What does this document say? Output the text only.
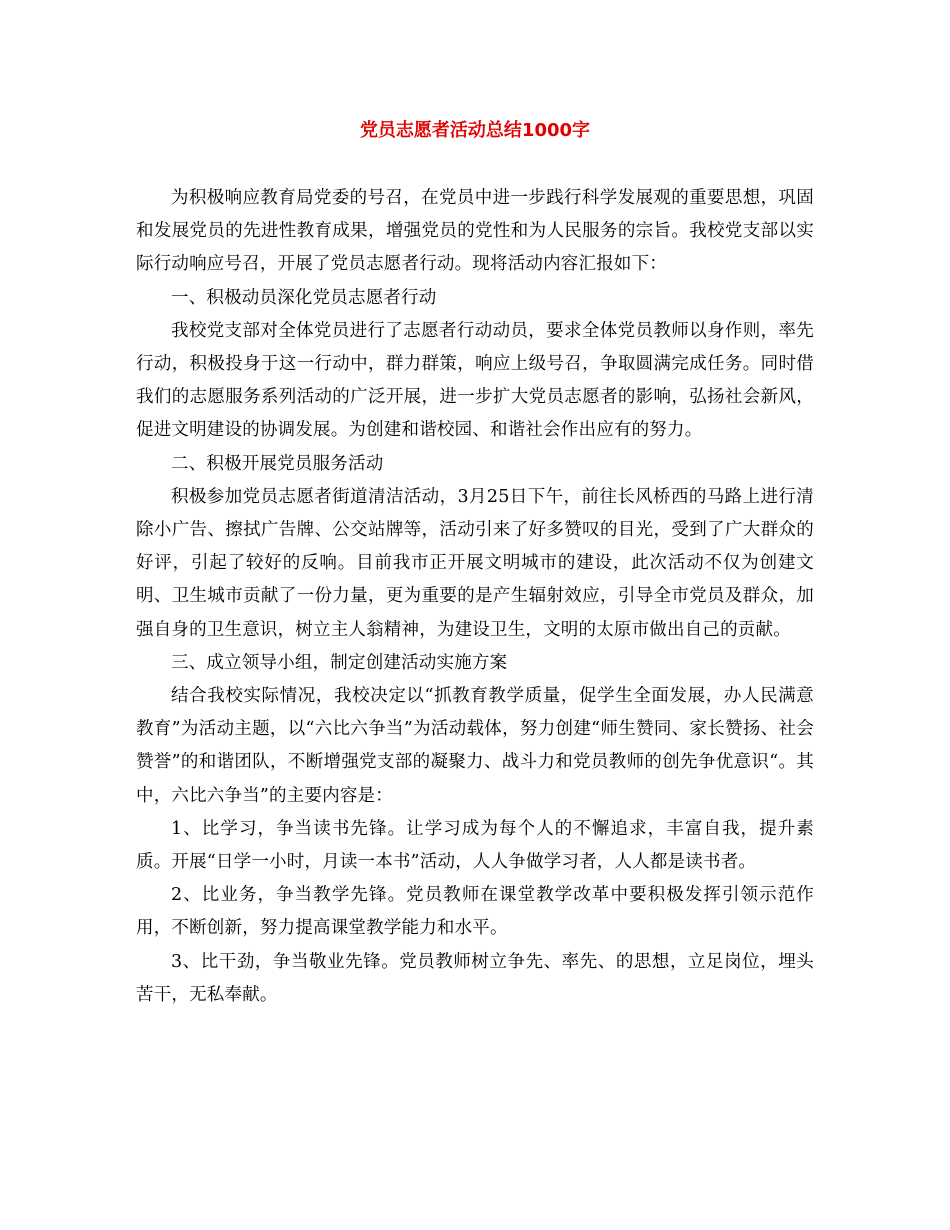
党员志愿者活动总结1000字

为积极响应教育局党委的号召，在党员中进一步践行科学发展观的重要思想，巩固和发展党员的先进性教育成果，增强党员的党性和为人民服务的宗旨。我校党支部以实际行动响应号召，开展了党员志愿者行动。现将活动内容汇报如下：

一、积极动员深化党员志愿者行动

我校党支部对全体党员进行了志愿者行动动员，要求全体党员教师以身作则，率先行动，积极投身于这一行动中，群力群策，响应上级号召，争取圆满完成任务。同时借我们的志愿服务系列活动的广泛开展，进一步扩大党员志愿者的影响，弘扬社会新风，促进文明建设的协调发展。为创建和谐校园、和谐社会作出应有的努力。

二、积极开展党员服务活动

积极参加党员志愿者街道清洁活动，3月25日下午，前往长风桥西的马路上进行清除小广告、擦拭广告牌、公交站牌等，活动引来了好多赞叹的目光，受到了广大群众的好评，引起了较好的反响。目前我市正开展文明城市的建设，此次活动不仅为创建文明、卫生城市贡献了一份力量，更为重要的是产生辐射效应，引导全市党员及群众，加强自身的卫生意识，树立主人翁精神，为建设卫生，文明的太原市做出自己的贡献。

三、成立领导小组，制定创建活动实施方案

结合我校实际情况，我校决定以“抓教育教学质量，促学生全面发展，办人民满意教育”为活动主题，以“六比六争当”为活动载体，努力创建“师生赞同、家长赞扬、社会赞誉”的和谐团队，不断增强党支部的凝聚力、战斗力和党员教师的创先争优意识“。其中，六比六争当”的主要内容是：

1、比学习，争当读书先锋。让学习成为每个人的不懈追求，丰富自我，提升素质。开展“日学一小时，月读一本书”活动，人人争做学习者，人人都是读书者。

2、比业务，争当教学先锋。党员教师在课堂教学改革中要积极发挥引领示范作用，不断创新，努力提高课堂教学能力和水平。

3、比干劲，争当敬业先锋。党员教师树立争先、率先、的思想，立足岗位，埋头苦干，无私奉献。
